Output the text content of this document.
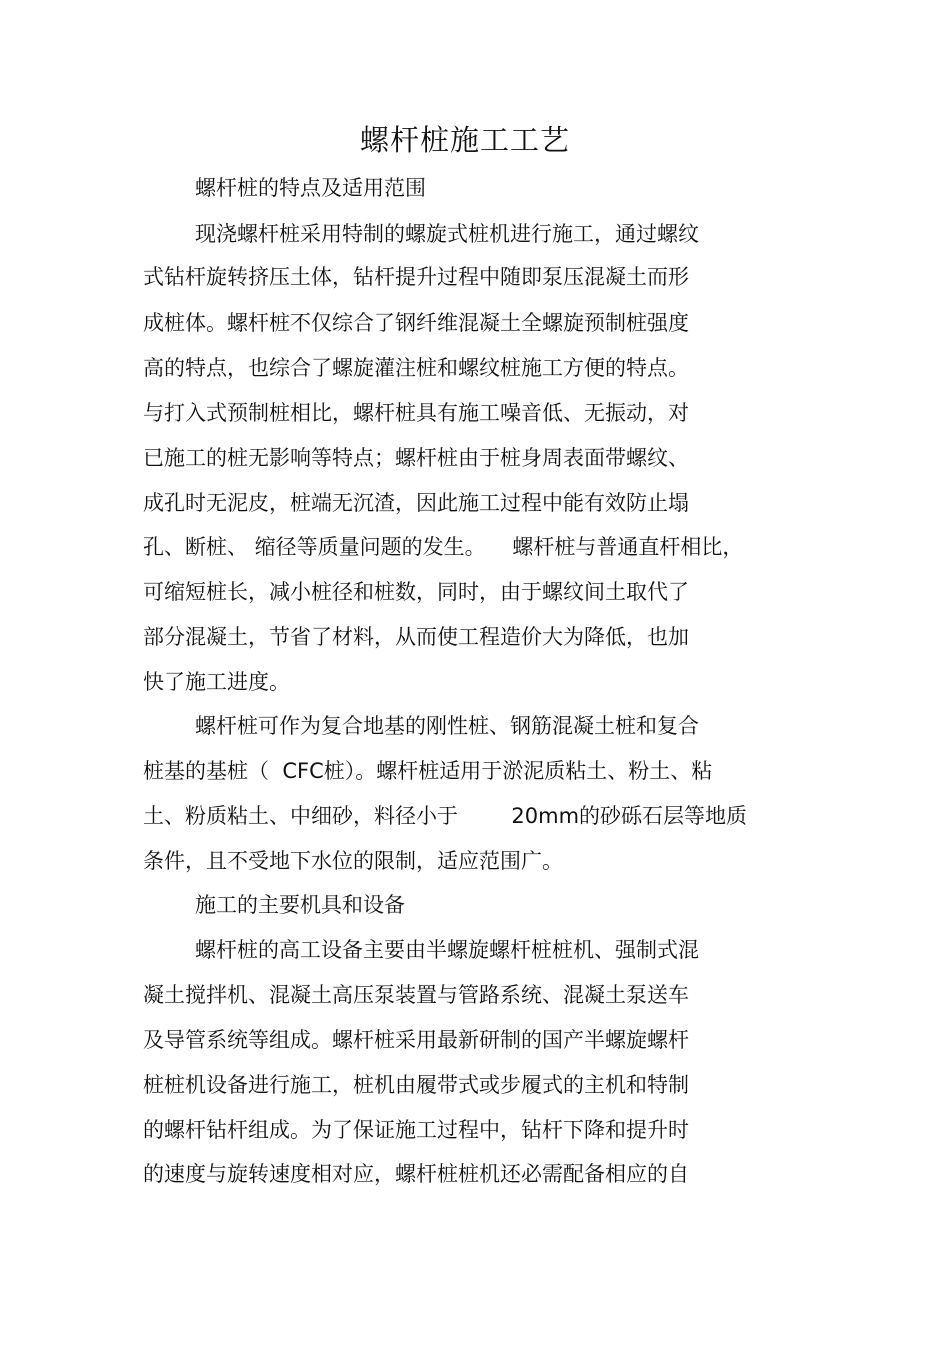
螺杆桩施工工艺
螺杆桩的特点及适用范围
现浇螺杆桩采用特制的螺旋式桩机进行施工，通过螺纹
式钻杆旋转挤压土体，钻杆提升过程中随即泵压混凝土而形
成桩体。螺杆桩不仅综合了钢纤维混凝土全螺旋预制桩强度
高的特点，也综合了螺旋灌注桩和螺纹桩施工方便的特点。
与打入式预制桩相比，螺杆桩具有施工噪音低、无振动，对
已施工的桩无影响等特点；螺杆桩由于桩身周表面带螺纹、
成孔时无泥皮，桩端无沉渣，因此施工过程中能有效防止塌
孔、断桩、 缩径等质量问题的发生。    螺杆桩与普通直杆相比，
可缩短桩长，减小桩径和桩数，同时，由于螺纹间土取代了
部分混凝土，节省了材料，从而使工程造价大为降低，也加
快了施工进度。
螺杆桩可作为复合地基的刚性桩、钢筋混凝土桩和复合
桩基的基桩（  CFC桩）。螺杆桩适用于淤泥质粘土、粉土、粘
土、粉质粘土、中细砂，料径小于        20mm的砂砾石层等地质
条件，且不受地下水位的限制，适应范围广。
施工的主要机具和设备
螺杆桩的高工设备主要由半螺旋螺杆桩桩机、强制式混
凝土搅拌机、混凝土高压泵装置与管路系统、混凝土泵送车
及导管系统等组成。螺杆桩采用最新研制的国产半螺旋螺杆
桩桩机设备进行施工，桩机由履带式或步履式的主机和特制
的螺杆钻杆组成。为了保证施工过程中，钻杆下降和提升时
的速度与旋转速度相对应，螺杆桩桩机还必需配备相应的自
